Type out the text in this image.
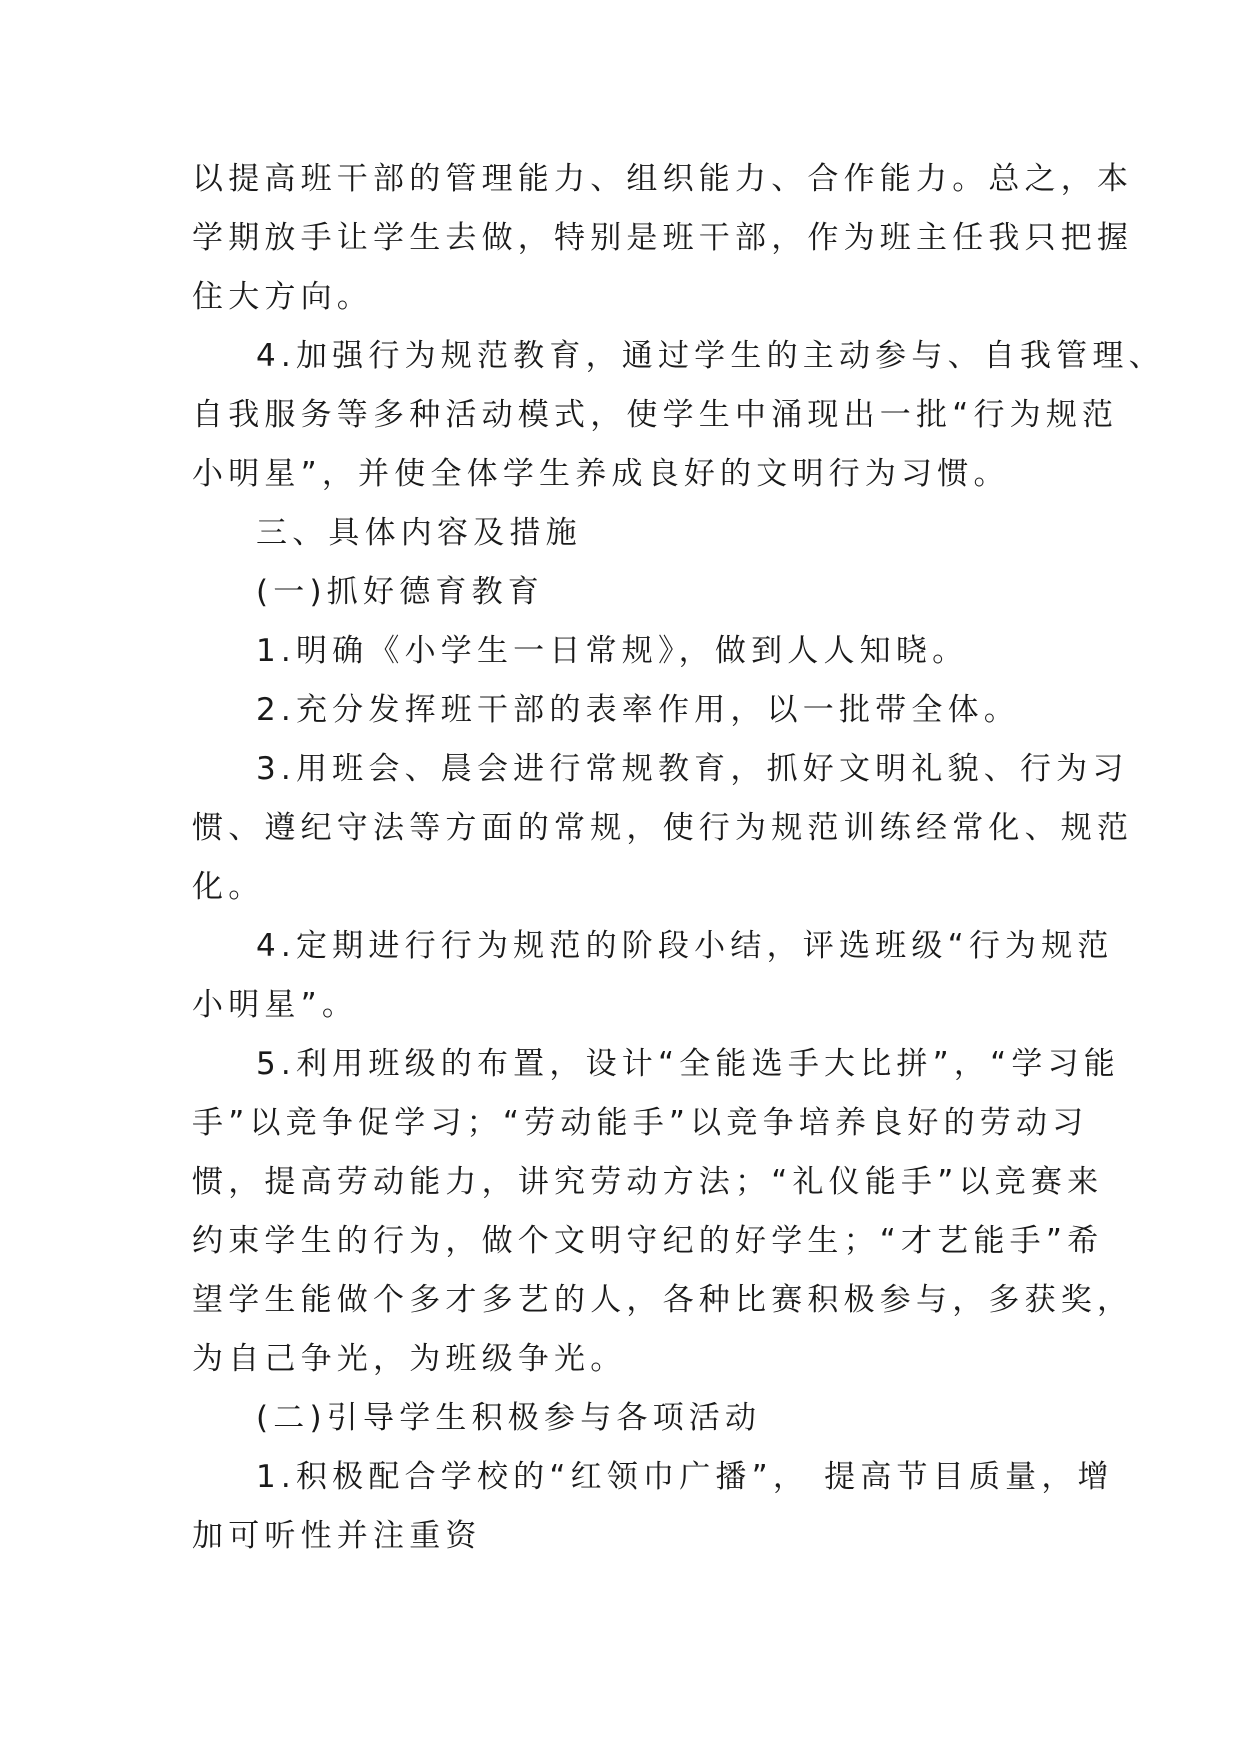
以提高班干部的管理能力、组织能力、合作能力。总之，本
学期放手让学生去做，特别是班干部，作为班主任我只把握
住大方向。
4.加强行为规范教育，通过学生的主动参与、自我管理、
自我服务等多种活动模式，使学生中涌现出一批“行为规范
小明星”，并使全体学生养成良好的文明行为习惯。
三、具体内容及措施
(一)抓好德育教育
1.明确《小学生一日常规》，做到人人知晓。
2.充分发挥班干部的表率作用，以一批带全体。
3.用班会、晨会进行常规教育，抓好文明礼貌、行为习
惯、遵纪守法等方面的常规，使行为规范训练经常化、规范
化。
4.定期进行行为规范的阶段小结，评选班级“行为规范
小明星”。
5.利用班级的布置，设计“全能选手大比拼”，“学习能
手”以竞争促学习；“劳动能手”以竞争培养良好的劳动习
惯，提高劳动能力，讲究劳动方法；“礼仪能手”以竞赛来
约束学生的行为，做个文明守纪的好学生；“才艺能手”希
望学生能做个多才多艺的人，各种比赛积极参与，多获奖，
为自己争光，为班级争光。
(二)引导学生积极参与各项活动
1.积极配合学校的“红领巾广播”， 提高节目质量，增
加可听性并注重资
